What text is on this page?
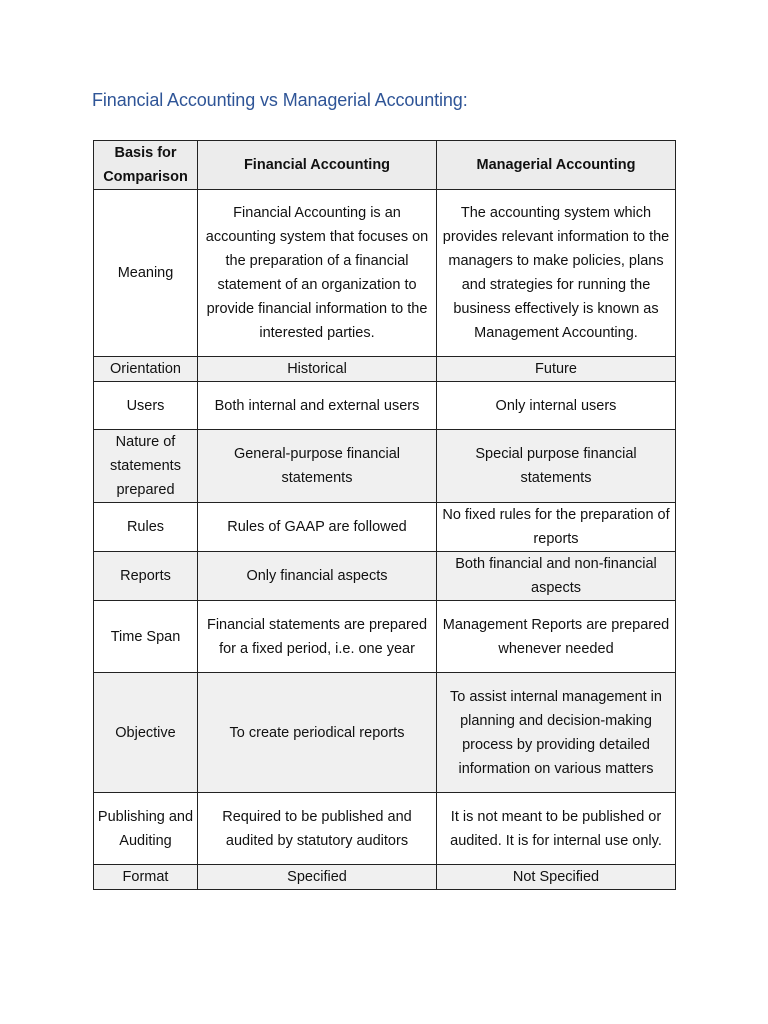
Financial Accounting vs Managerial Accounting:
Basis for Comparison	Financial Accounting	Managerial Accounting
Meaning	Financial Accounting is an accounting system that focuses on the preparation of a financial statement of an organization to provide financial information to the interested parties.	The accounting system which provides relevant information to the managers to make policies, plans and strategies for running the business effectively is known as Management Accounting.
Orientation	Historical	Future
Users	Both internal and external users	Only internal users
Nature of statements prepared	General-purpose financial statements	Special purpose financial statements
Rules	Rules of GAAP are followed	No fixed rules for the preparation of reports
Reports	Only financial aspects	Both financial and non-financial aspects
Time Span	Financial statements are prepared for a fixed period, i.e. one year	Management Reports are prepared whenever needed
Objective	To create periodical reports	To assist internal management in planning and decision-making process by providing detailed information on various matters
Publishing and Auditing	Required to be published and audited by statutory auditors	It is not meant to be published or audited. It is for internal use only.
Format	Specified	Not Specified
